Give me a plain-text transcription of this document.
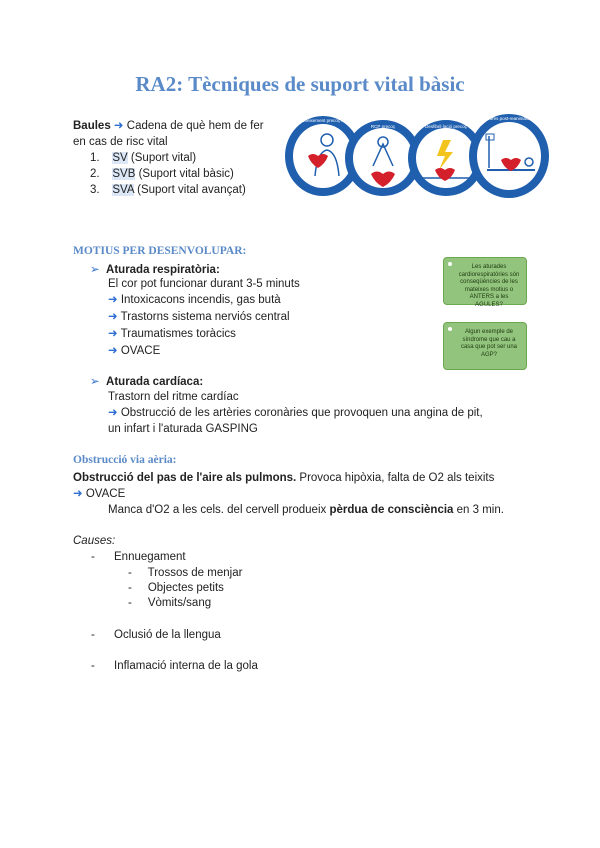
RA2: Tècniques de suport vital bàsic
Baules ➜ Cadena de què hem de fer
en cas de risc vital
1. SV (Suport vital)
2. SVB (Suport vital bàsic)
3. SVA (Suport vital avançat)
Reconeixement precoç i avís
RCP precoç	Desfibril·lació precoç
Cures post-reanimació
MOTIUS PER DESENVOLUPAR:
➢ Aturada respiratòria:
El cor pot funcionar durant 3-5 minuts
➜ Intoxicacons incendis, gas butà
➜ Trastorns sistema nerviós central
➜ Traumatismes toràcics
➜ OVACE
Les aturades cardiorespiratòries són conseqüències de les mateixes motius o ANTERS a les AGULES?
Algun exemple de síndrome que cau a casa que pot ser una AGP?
➢ Aturada cardíaca:
Trastorn del ritme cardíac
➜ Obstrucció de les artèries coronàries que provoquen una angina de pit,
un infart i l'aturada GASPING
Obstrucció via aèria:
Obstrucció del pas de l'aire als pulmons. Provoca hipòxia, falta de O2 als teixits
➜ OVACE
Manca d'O2 a les cels. del cervell produeix pèrdua de consciència en 3 min.
Causes:
- Ennuegament
- Trossos de menjar
- Objectes petits
- Vòmits/sang
- Oclusió de la llengua
- Inflamació interna de la gola
